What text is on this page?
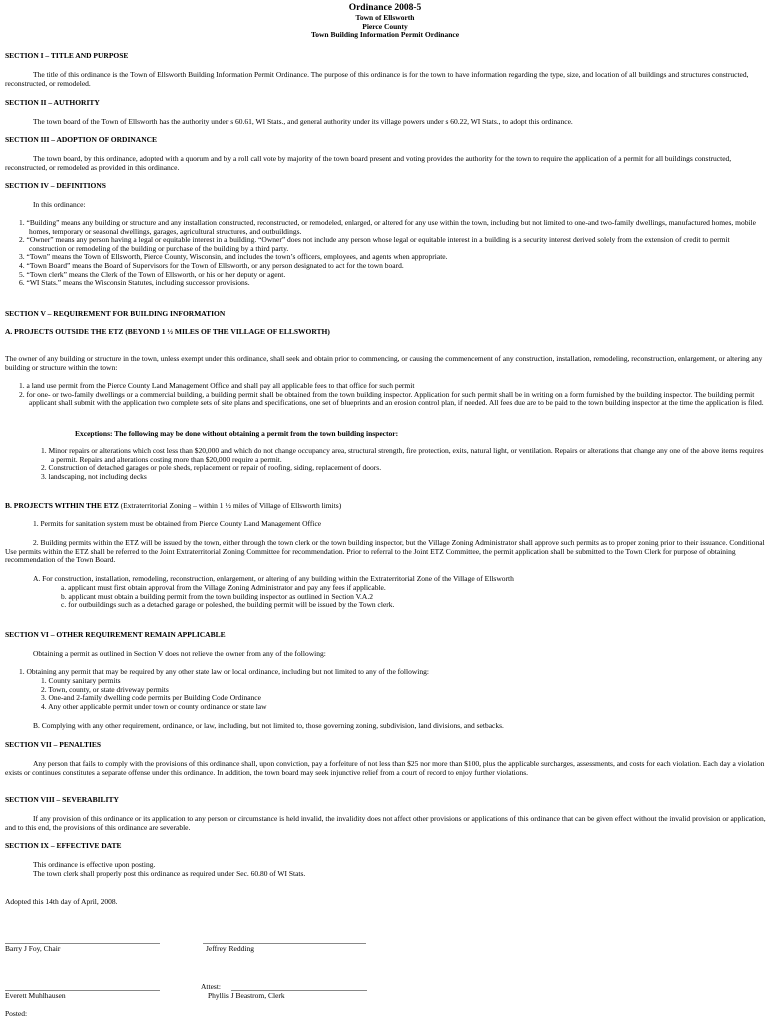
Ordinance 2008-5
Town of Ellsworth
Pierce County
Town Building Information Permit Ordinance
SECTION I – TITLE AND PURPOSE
The title of this ordinance is the Town of Ellsworth Building Information Permit Ordinance. The purpose of this ordinance is for the town to have information regarding the type, size, and location of all buildings and structures constructed, reconstructed, or remodeled.
SECTION II – AUTHORITY
The town board of the Town of Ellsworth has the authority under s 60.61, WI Stats., and general authority under its village powers under s 60.22, WI Stats., to adopt this ordinance.
SECTION III – ADOPTION OF ORDINANCE
The town board, by this ordinance, adopted with a quorum and by a roll call vote by majority of the town board present and voting provides the authority for the town to require the application of a permit for all buildings constructed, reconstructed, or remodeled as provided in this ordinance.
SECTION IV – DEFINITIONS
In this ordinance:
1. “Building” means any building or structure and any installation constructed, reconstructed, or remodeled, enlarged, or altered for any use within the town, including but not limited to one-and two-family dwellings, manufactured homes, mobile homes, temporary or seasonal dwellings, garages, agricultural structures, and outbuildings.
2. “Owner” means any person having a legal or equitable interest in a building. “Owner” does not include any person whose legal or equitable interest in a building is a security interest derived solely from the extension of credit to permit construction or remodeling of the building or purchase of the building by a third party.
3. “Town” means the Town of Ellsworth, Pierce County, Wisconsin, and includes the town’s officers, employees, and agents when appropriate.
4. “Town Board” means the Board of Supervisors for the Town of Ellsworth, or any person designated to act for the town board.
5. “Town clerk” means the Clerk of the Town of Ellsworth, or his or her deputy or agent.
6. “WI Stats.” means the Wisconsin Statutes, including successor provisions.
SECTION V – REQUIREMENT FOR BUILDING INFORMATION
A. PROJECTS OUTSIDE THE ETZ (BEYOND 1 ½ MILES OF THE VILLAGE OF ELLSWORTH)
The owner of any building or structure in the town, unless exempt under this ordinance, shall seek and obtain prior to commencing, or causing the commencement of any construction, installation, remodeling, reconstruction, enlargement, or altering any building or structure within the town:
1. a land use permit from the Pierce County Land Management Office and shall pay all applicable fees to that office for such permit
2. for one- or two-family dwellings or a commercial building, a building permit shall be obtained from the town building inspector. Application for such permit shall be in writing on a form furnished by the building inspector. The building permit applicant shall submit with the application two complete sets of site plans and specifications, one set of blueprints and an erosion control plan, if needed. All fees due are to be paid to the town building inspector at the time the application is filed.
Exceptions: The following may be done without obtaining a permit from the town building inspector:
1. Minor repairs or alterations which cost less than $20,000 and which do not change occupancy area, structural strength, fire protection, exits, natural light, or ventilation. Repairs or alterations that change any one of the above items requires a permit. Repairs and alterations costing more than $20,000 require a permit.
2. Construction of detached garages or pole sheds, replacement or repair of roofing, siding, replacement of doors.
3. landscaping, not including decks
B. PROJECTS WITHIN THE ETZ (Extraterritorial Zoning – within 1 ½ miles of Village of Ellsworth limits)
1. Permits for sanitation system must be obtained from Pierce County Land Management Office
2. Building permits within the ETZ will be issued by the town, either through the town clerk or the town building inspector, but the Village Zoning Administrator shall approve such permits as to proper zoning prior to their issuance. Conditional Use permits within the ETZ shall be referred to the Joint Extraterritorial Zoning Committee for recommendation. Prior to referral to the Joint ETZ Committee, the permit application shall be submitted to the Town Clerk for purpose of obtaining recommendation of the Town Board.
A. For construction, installation, remodeling, reconstruction, enlargement, or altering of any building within the Extraterritorial Zone of the Village of Ellsworth
a. applicant must first obtain approval from the Village Zoning Administrator and pay any fees if applicable.
b. applicant must obtain a building permit from the town building inspector as outlined in Section V.A.2
c. for outbuildings such as a detached garage or poleshed, the building permit will be issued by the Town clerk.
SECTION VI – OTHER REQUIREMENT REMAIN APPLICABLE
Obtaining a permit as outlined in Section V does not relieve the owner from any of the following:
1. Obtaining any permit that may be required by any other state law or local ordinance, including but not limited to any of the following:
1. County sanitary permits
2. Town, county, or state driveway permits
3. One-and 2-family dwelling code permits per Building Code Ordinance
4. Any other applicable permit under town or county ordinance or state law
B. Complying with any other requirement, ordinance, or law, including, but not limited to, those governing zoning, subdivision, land divisions, and setbacks.
SECTION VII – PENALTIES
Any person that fails to comply with the provisions of this ordinance shall, upon conviction, pay a forfeiture of not less than $25 nor more than $100, plus the applicable surcharges, assessments, and costs for each violation. Each day a violation exists or continues constitutes a separate offense under this ordinance. In addition, the town board may seek injunctive relief from a court of record to enjoy further violations.
SECTION VIII – SEVERABILITY
If any provision of this ordinance or its application to any person or circumstance is held invalid, the invalidity does not affect other provisions or applications of this ordinance that can be given effect without the invalid provision or application, and to this end, the provisions of this ordinance are severable.
SECTION IX – EFFECTIVE DATE
This ordinance is effective upon posting.
The town clerk shall properly post this ordinance as required under Sec. 60.80 of WI Stats.
Adopted this 14th day of April, 2008.
Barry J Foy, Chair	Jeffrey Redding
Attest:
Everett Muhlhausen	Phyllis J Beastrom, Clerk
Posted:
